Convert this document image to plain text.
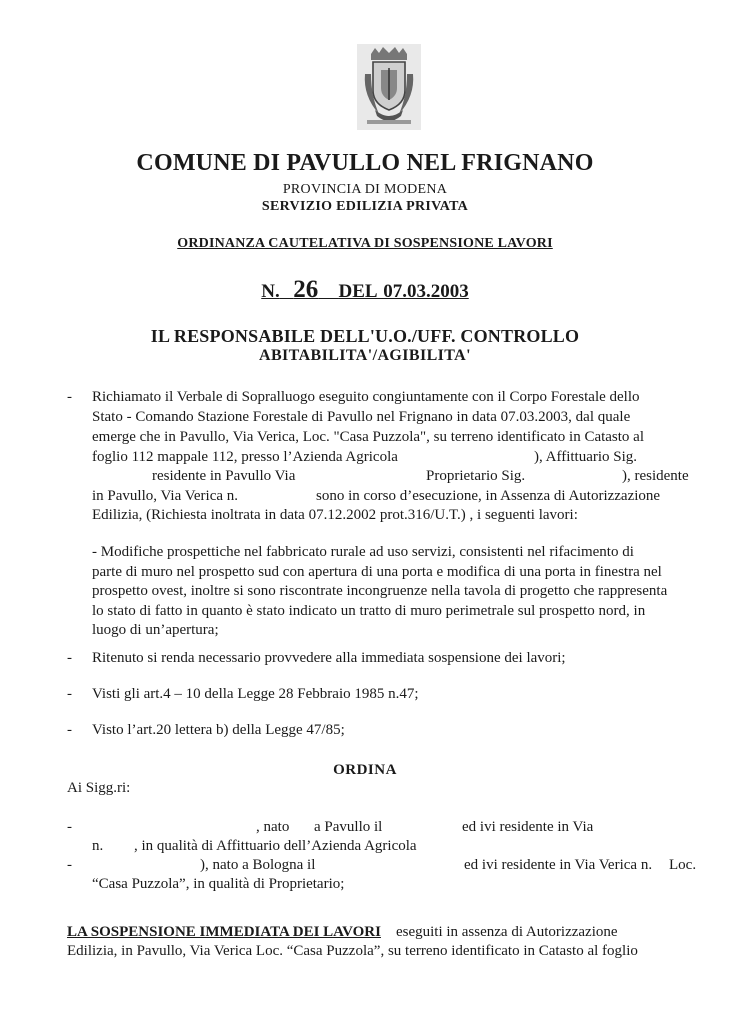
COMUNE DI PAVULLO NEL FRIGNANO
PROVINCIA DI MODENA
SERVIZIO EDILIZIA PRIVATA
ORDINANZA CAUTELATIVA DI SOSPENSIONE LAVORI
N. 26 DEL 07.03.2003
IL RESPONSABILE DELL'U.O./UFF. CONTROLLO
ABITABILITA'/AGIBILITA'
- Richiamato il Verbale di Sopralluogo eseguito congiuntamente con il Corpo Forestale dello
Stato - Comando Stazione Forestale di Pavullo nel Frignano in data 07.03.2003, dal quale
emerge che in Pavullo, Via Verica, Loc. "Casa Puzzola", su terreno identificato in Catasto al
foglio 112 mappale 112, presso l’Azienda Agricola	), Affittuario Sig.
residente in Pavullo Via	Proprietario Sig.	), residente
in Pavullo, Via Verica n.	sono in corso d’esecuzione, in Assenza di Autorizzazione
Edilizia, (Richiesta inoltrata in data 07.12.2002 prot.316/U.T.) , i seguenti lavori:
- Modifiche prospettiche nel fabbricato rurale ad uso servizi, consistenti nel rifacimento di
parte di muro nel prospetto sud con apertura di una porta e modifica di una porta in finestra nel
prospetto ovest, inoltre si sono riscontrate incongruenze nella tavola di progetto che rappresenta
lo stato di fatto in quanto è stato indicato un tratto di muro perimetrale sul prospetto nord, in
luogo di un’apertura;
- Ritenuto si renda necessario provvedere alla immediata sospensione dei lavori;
- Visti gli art.4 – 10 della Legge 28 Febbraio 1985 n.47;
- Visto l’art.20 lettera b) della Legge 47/85;
ORDINA
Ai Sigg.ri:
-	, nato a Pavullo il	ed ivi residente in Via
n. , in qualità di Affittuario dell’Azienda Agricola
-	), nato a Bologna il	ed ivi residente in Via Verica n. Loc.
“Casa Puzzola”, in qualità di Proprietario;
LA SOSPENSIONE IMMEDIATA DEI LAVORI eseguiti in assenza di Autorizzazione
Edilizia, in Pavullo, Via Verica Loc. “Casa Puzzola”, su terreno identificato in Catasto al foglio
